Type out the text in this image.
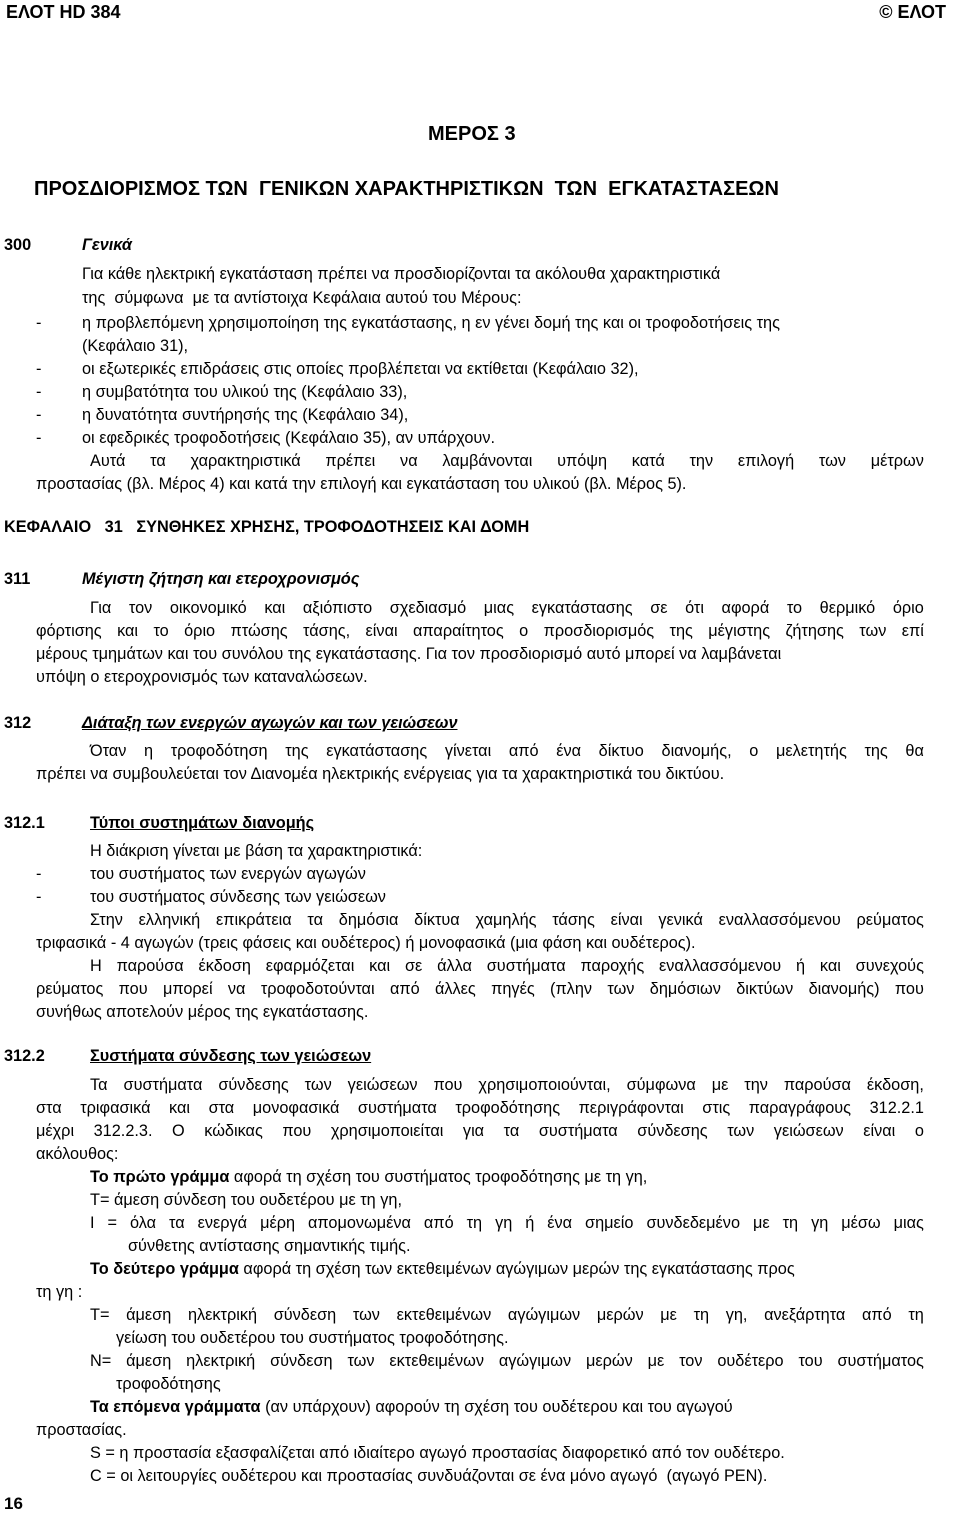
ΕΛΟΤ HD 384	© ΕΛΟΤ
ΜΕΡΟΣ 3
ΠΡΟΣΔΙΟΡΙΣΜΟΣ ΤΩΝ  ΓΕΝΙΚΩΝ ΧΑΡΑΚΤΗΡΙΣΤΙΚΩΝ  ΤΩΝ  ΕΓΚΑΤΑΣΤΑΣΕΩΝ
300	Γενικά
Για κάθε ηλεκτρική εγκατάσταση πρέπει να προσδιορίζονται τα ακόλουθα χαρακτηριστικά
της  σύμφωνα  με τα αντίστοιχα Κεφάλαια αυτού του Μέρους:
- η προβλεπόμενη χρησιμοποίηση της εγκατάστασης, η εν γένει δομή της και οι τροφοδοτήσεις της
(Κεφάλαιο 31),
- οι εξωτερικές επιδράσεις στις οποίες προβλέπεται να εκτίθεται (Κεφάλαιο 32),
- η συμβατότητα του υλικού της (Κεφάλαιο 33),
- η δυνατότητα συντήρησής της (Κεφάλαιο 34),
- οι εφεδρικές τροφοδοτήσεις (Κεφάλαιο 35), αν υπάρχουν.
Αυτά τα χαρακτηριστικά πρέπει να λαμβάνονται υπόψη κατά την επιλογή των μέτρων
προστασίας (βλ. Μέρος 4) και κατά την επιλογή και εγκατάσταση του υλικού (βλ. Μέρος 5).
ΚΕΦΑΛΑΙΟ   31   ΣΥΝΘΗΚΕΣ ΧΡΗΣΗΣ, ΤΡΟΦΟΔΟΤΗΣΕΙΣ ΚΑΙ ΔΟΜΗ
311	Μέγιστη ζήτηση και ετεροχρονισμός
Για τον οικονομικό και αξιόπιστο σχεδιασμό μιας εγκατάστασης σε ότι αφορά το θερμικό όριο
φόρτισης και το όριο πτώσης τάσης, είναι απαραίτητος ο προσδιορισμός της μέγιστης ζήτησης των επί
μέρους τμημάτων και του συνόλου της εγκατάστασης. Για τον προσδιορισμό αυτό μπορεί να λαμβάνεται
υπόψη ο ετεροχρονισμός των καταναλώσεων.
312	Διάταξη των ενεργών αγωγών και των γειώσεων
Όταν η τροφοδότηση της εγκατάστασης γίνεται από ένα δίκτυο διανομής, ο μελετητής της θα
πρέπει να συμβουλεύεται τον Διανομέα ηλεκτρικής ενέργειας για τα χαρακτηριστικά του δικτύου.
312.1	Τύποι συστημάτων διανομής
Η διάκριση γίνεται με βάση τα χαρακτηριστικά:
-	του συστήματος των ενεργών αγωγών
-	του συστήματος σύνδεσης των γειώσεων
Στην ελληνική επικράτεια τα δημόσια δίκτυα χαμηλής τάσης είναι γενικά εναλλασσόμενου ρεύματος
τριφασικά - 4 αγωγών (τρεις φάσεις και ουδέτερος) ή μονοφασικά (μια φάση και ουδέτερος).
Η παρούσα έκδοση εφαρμόζεται και σε άλλα συστήματα παροχής εναλλασσόμενου ή και συνεχούς
ρεύματος που μπορεί να τροφοδοτούνται από άλλες πηγές (πλην των δημόσιων δικτύων διανομής) που
συνήθως αποτελούν μέρος της εγκατάστασης.
312.2	Συστήματα σύνδεσης των γειώσεων
Τα συστήματα σύνδεσης των γειώσεων που χρησιμοποιούνται, σύμφωνα με την παρούσα έκδοση,
στα τριφασικά και στα μονοφασικά συστήματα τροφοδότησης περιγράφονται στις παραγράφους 312.2.1
μέχρι 312.2.3. Ο κώδικας που χρησιμοποιείται για τα συστήματα σύνδεσης των γειώσεων είναι ο
ακόλουθος:
Το πρώτο γράμμα αφορά τη σχέση του συστήματος τροφοδότησης με τη γη,
T= άμεση σύνδεση του ουδετέρου με τη γη,
I = όλα τα ενεργά μέρη απομονωμένα από τη γη ή ένα σημείο συνδεδεμένο με τη γη μέσω μιας
σύνθετης αντίστασης σημαντικής τιμής.
Το δεύτερο γράμμα αφορά τη σχέση των εκτεθειμένων αγώγιμων μερών της εγκατάστασης προς
τη γη :
T= άμεση ηλεκτρική σύνδεση των εκτεθειμένων αγώγιμων μερών με τη γη, ανεξάρτητα από τη
γείωση του ουδετέρου του συστήματος τροφοδότησης.
N= άμεση ηλεκτρική σύνδεση των εκτεθειμένων αγώγιμων μερών με τον ουδέτερο του συστήματος
τροφοδότησης
Τα επόμενα γράμματα (αν υπάρχουν) αφορούν τη σχέση του ουδέτερου και του αγωγού
προστασίας.
S = η προστασία εξασφαλίζεται από ιδιαίτερο αγωγό προστασίας διαφορετικό από τον ουδέτερο.
C = οι λειτουργίες ουδέτερου και προστασίας συνδυάζονται σε ένα μόνο αγωγό  (αγωγό PEN).
16
